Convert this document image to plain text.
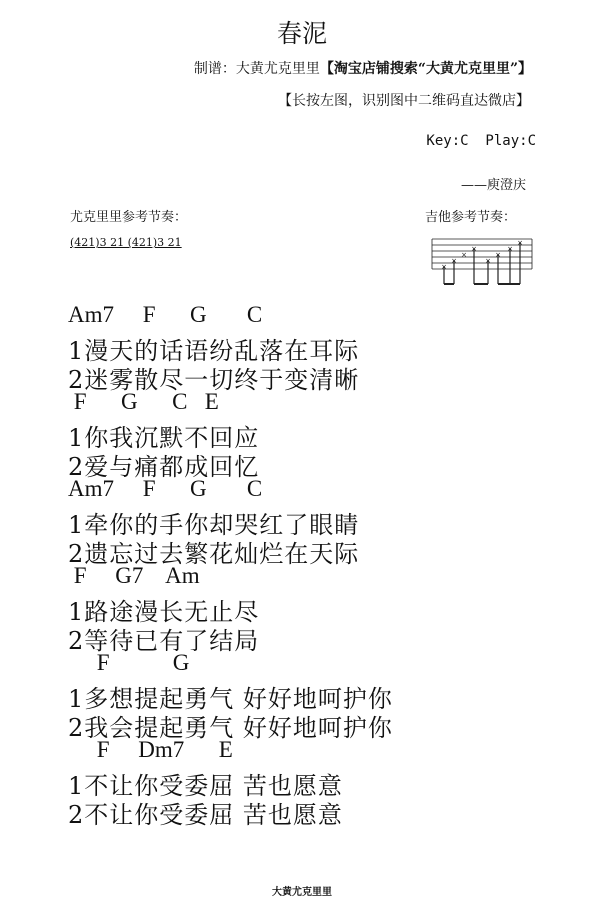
春泥
制谱：大黄尤克里里【淘宝店铺搜索“大黄尤克里里”】
【长按左图，识别图中二维码直达微店】
Key:C  Play:C
——庾澄庆
尤克里里参考节奏：
(421)3 21 (421)3 21
吉他参考节奏：
×
×
×
×
×
×
×
×
Am7     F      G       C
1漫天的话语纷乱落在耳际
2迷雾散尽一切终于变清晰
F      G      C   E
1你我沉默不回应
2爱与痛都成回忆
Am7     F      G       C
1牵你的手你却哭红了眼睛
2遗忘过去繁花灿烂在天际
F     G7    Am
1路途漫长无止尽
2等待已有了结局
F           G
1多想提起勇气 好好地呵护你
2我会提起勇气 好好地呵护你
F     Dm7      E
1不让你受委屈 苦也愿意
2不让你受委屈 苦也愿意
大黄尤克里里
